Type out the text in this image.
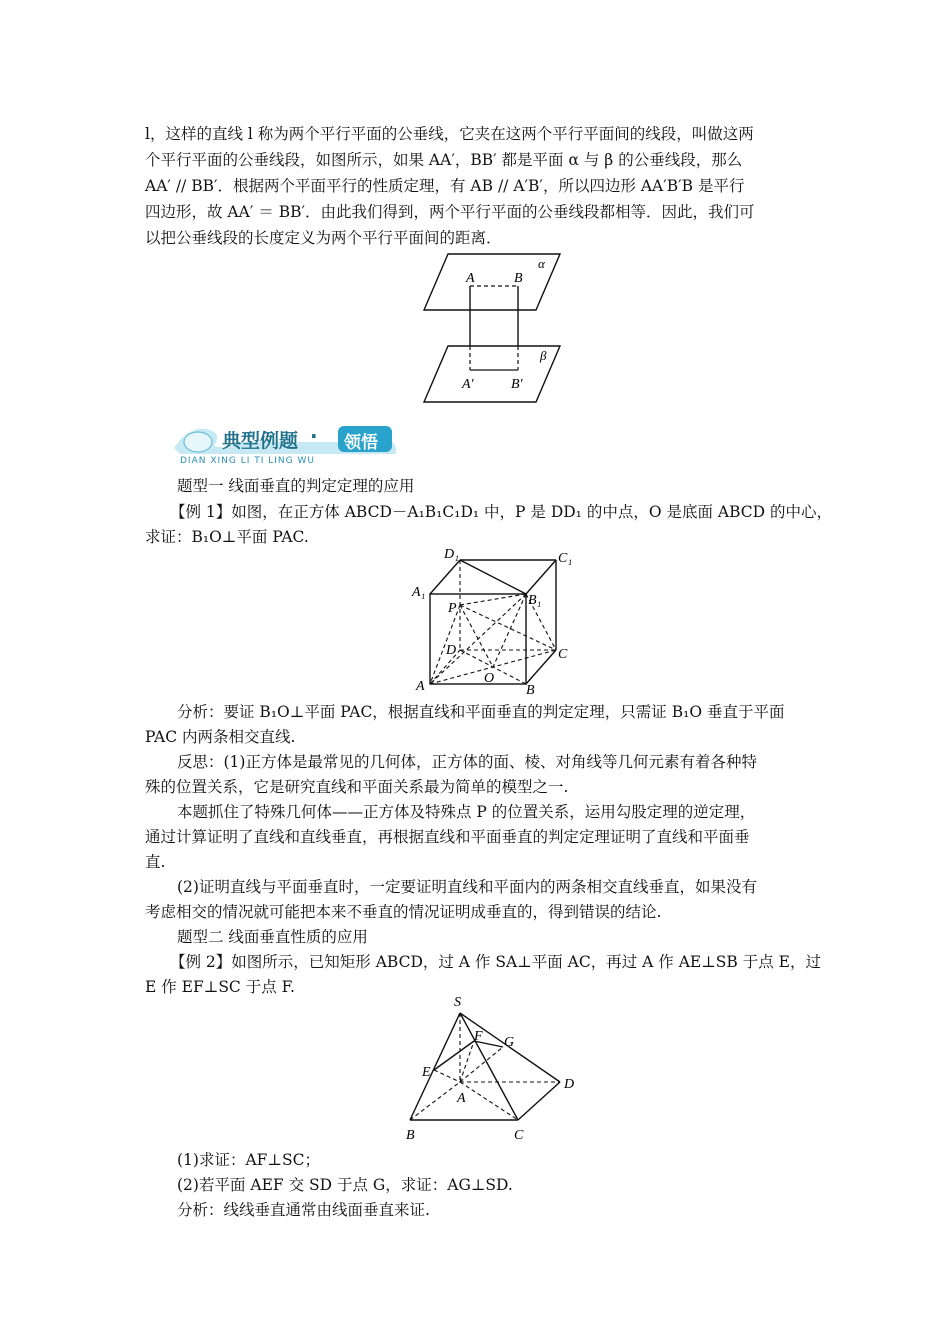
l，这样的直线 l 称为两个平行平面的公垂线，它夹在这两个平行平面间的线段，叫做这两
个平行平面的公垂线段，如图所示，如果 AA′，BB′ 都是平面 α 与 β 的公垂线段，那么
AA′ // BB′．根据两个平面平行的性质定理，有 AB // A′B′，所以四边形 AA′B′B 是平行
四边形，故 AA′ ＝ BB′．由此我们得到，两个平行平面的公垂线段都相等．因此，我们可
以把公垂线段的长度定义为两个平行平面间的距离．
A	B
A′	B′
α
β
典型例题 · 领悟
DIAN XING LI TI LING WU
题型一 线面垂直的判定定理的应用
【例 1】如图，在正方体 ABCD－A₁B₁C₁D₁ 中，P 是 DD₁ 的中点，O 是底面 ABCD 的中心，
求证：B₁O⊥平面 PAC.
D₁	C₁
A₁
B₁
P
D	C
A
O
B
分析：要证 B₁O⊥平面 PAC，根据直线和平面垂直的判定定理，只需证 B₁O 垂直于平面
PAC 内两条相交直线.
反思：(1)正方体是最常见的几何体，正方体的面、棱、对角线等几何元素有着各种特
殊的位置关系，它是研究直线和平面关系最为简单的模型之一.
本题抓住了特殊几何体——正方体及特殊点 P 的位置关系，运用勾股定理的逆定理，
通过计算证明了直线和直线垂直，再根据直线和平面垂直的判定定理证明了直线和平面垂
直.
(2)证明直线与平面垂直时，一定要证明直线和平面内的两条相交直线垂直，如果没有
考虑相交的情况就可能把本来不垂直的情况证明成垂直的，得到错误的结论.
题型二 线面垂直性质的应用
【例 2】如图所示，已知矩形 ABCD，过 A 作 SA⊥平面 AC，再过 A 作 AE⊥SB 于点 E，过
E 作 EF⊥SC 于点 F.
S
F G
E
A
D
B	C
(1)求证：AF⊥SC；
(2)若平面 AEF 交 SD 于点 G，求证：AG⊥SD.
分析：线线垂直通常由线面垂直来证.
